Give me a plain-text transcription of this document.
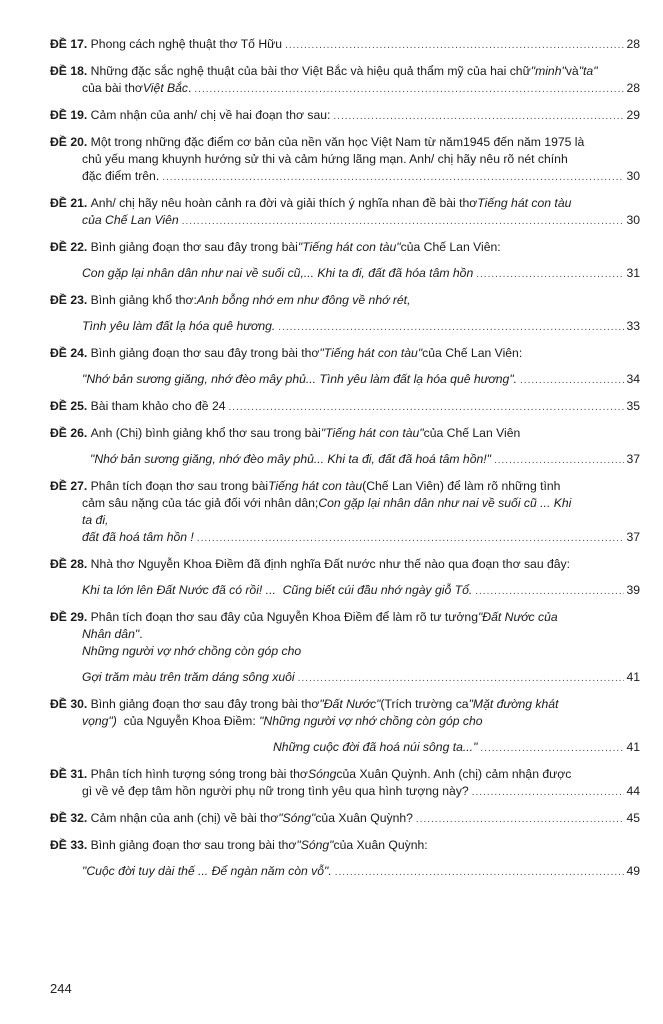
ĐỀ 17.
Phong cách nghệ thuật thơ Tố Hữu .....	28
ĐỀ 18.
Những đặc sắc nghệ thuật của bài thơ Việt Bắc và hiệu quả thẩm mỹ của hai chữ "minh" và "ta"
của bài thơ Việt Bắc . .....	28
ĐỀ 19.
Cảm nhận của anh/ chị về hai đoạn thơ sau: .....	29
ĐỀ 20.
Một trong những đặc điểm cơ bản của nền văn học Việt Nam từ năm1945 đến năm 1975 là
chủ yếu mang khuynh hướng sử thi và cảm hứng lãng mạn. Anh/ chị hãy nêu rõ nét chính
đặc điểm trên. .....	30
ĐỀ 21.
Anh/ chị hãy nêu hoàn cảnh ra đời và giải thích ý nghĩa nhan đề bài thơ Tiếng hát con tàu
của Chế Lan Viên .....	30
ĐỀ 22.
Bình giảng đoạn thơ sau đây trong bài "Tiếng hát con tàu" của Chế Lan Viên:
Con gặp lại nhân dân như nai về suối cũ,... Khi ta đi, đất đã hóa tâm hồn .....	31
ĐỀ 23.
Bình giảng khổ thơ: Anh bỗng nhớ em như đông về nhớ rét,
Tình yêu làm đất lạ hóa quê hương. .....	33
ĐỀ 24.
Bình giảng đoạn thơ sau đây trong bài thơ "Tiếng hát con tàu" của Chế Lan Viên:
"Nhớ bản sương giăng, nhớ đèo mây phủ... Tình yêu làm đất lạ hóa quê hương". .....	34
ĐỀ 25.
Bài tham khảo cho đề 24 .....	35
ĐỀ 26.
Anh (Chị) bình giảng khổ thơ sau trong bài "Tiếng hát con tàu" của Chế Lan Viên
"Nhớ bản sương giăng, nhớ đèo mây phủ... Khi ta đi, đất đã hoá tâm hồn!" .....	37
ĐỀ 27.
Phân tích đoạn thơ sau trong bài Tiếng hát con tàu (Chế Lan Viên) để làm rõ những tình
cảm sâu nặng của tác giả đối với nhân dân; Con gặp lại nhân dân như nai về suối cũ ... Khi
ta đi,
đất đã hoá tâm hồn ! .....	37
ĐỀ 28.
Nhà thơ Nguyễn Khoa Điềm đã định nghĩa Đất nước như thế nào qua đoạn thơ sau đây:
Khi ta lớn lên Đất Nước đã có rồi! ...  Cũng biết cúi đầu nhớ ngày giỗ Tổ. .....	39
ĐỀ 29.
Phân tích đoạn thơ sau đây của Nguyễn Khoa Điềm để làm rõ tư tưởng "Đất Nước của
Nhân dân" .
Những người vợ nhớ chồng còn góp cho
Gợi trăm màu trên trăm dáng sông xuôi .....	41
ĐỀ 30.
Bình giảng đoạn thơ sau đây trong bài thơ "Đất Nước" (Trích trường ca "Mặt đường khát
vọng") của Nguyễn Khoa Điềm: "Những người vợ nhớ chồng còn góp cho
Những cuộc đời đã hoá núi sông ta..." .....	41
ĐỀ 31.
Phân tích hình tượng sóng trong bài thơ Sóng của Xuân Quỳnh. Anh (chị) cảm nhận được
gì về vẻ đẹp tâm hồn người phụ nữ trong tình yêu qua hình tượng này? .....	44
ĐỀ 32.
Cảm nhận của anh (chị) về bài thơ "Sóng" của Xuân Quỳnh? .....	45
ĐỀ 33.
Bình giảng đoạn thơ sau trong bài thơ "Sóng" của Xuân Quỳnh:
"Cuộc đời tuy dài thế ... Để ngàn năm còn vỗ". .....	49
244
